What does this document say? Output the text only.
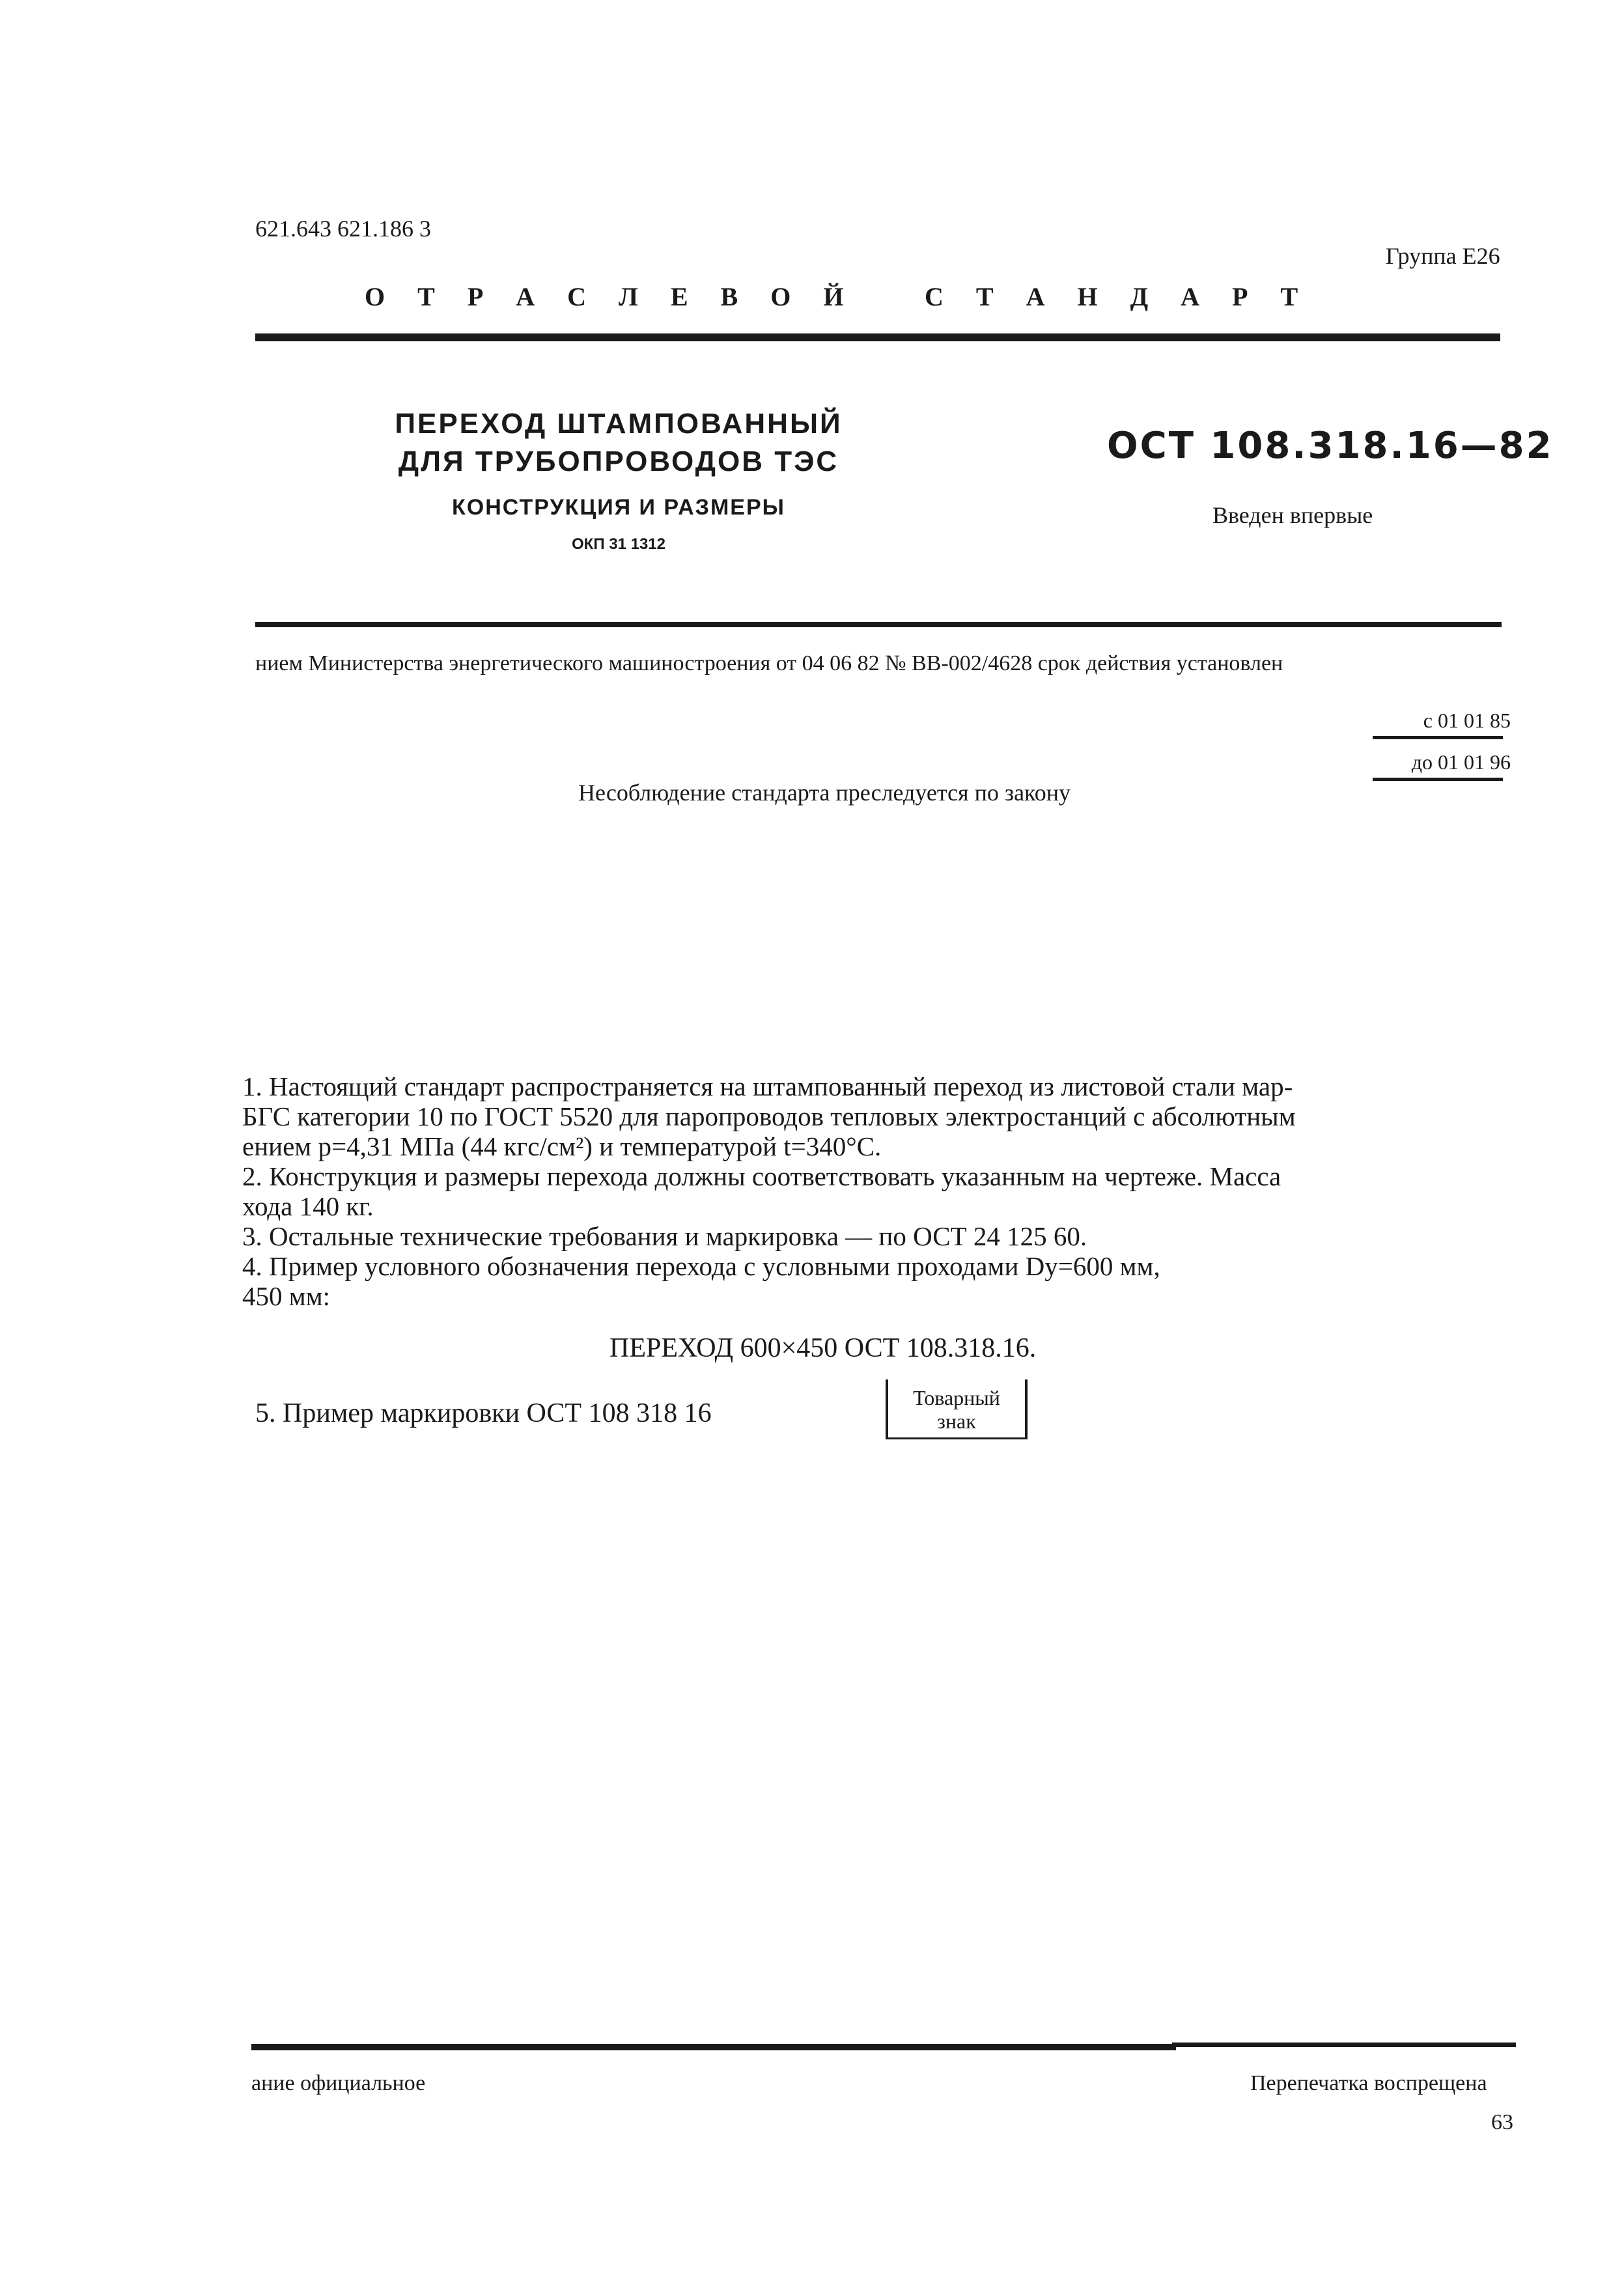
621.643 621.186 3
Группа Е26
О Т Р А С Л Е В О Й	С Т А Н Д А Р Т
ПЕРЕХОД ШТАМПОВАННЫЙ
ДЛЯ ТРУБОПРОВОДОВ ТЭС
КОНСТРУКЦИЯ И РАЗМЕРЫ
ОКП 31 1312
ОСТ 108.318.16—82
Введен впервые
нием Министерства энергетического машиностроения от 04 06 82 № ВВ-002/4628 срок действия установлен
с 01 01 85
до 01 01 96
Несоблюдение стандарта преследуется по закону

1. Настоящий стандарт распространяется на штампованный переход из листовой стали мар-

БГС категории 10 по ГОСТ 5520 для паропроводов тепловых электростанций с абсолютным

ением p=4,31 МПа (44 кгс/см²) и температурой t=340°С.

2. Конструкция и размеры перехода должны соответствовать указанным на чертеже. Масса

хода 140 кг.

3. Остальные технические требования и маркировка — по ОСТ 24 125 60.

4. Пример условного обозначения перехода с условными проходами Dу=600 мм,

450 мм:

ПЕРЕХОД 600×450 ОСТ 108.318.16.
5. Пример маркировки ОСТ 108 318 16
Товарный
знак
ание официальное	Перепечатка воспрещена
63
